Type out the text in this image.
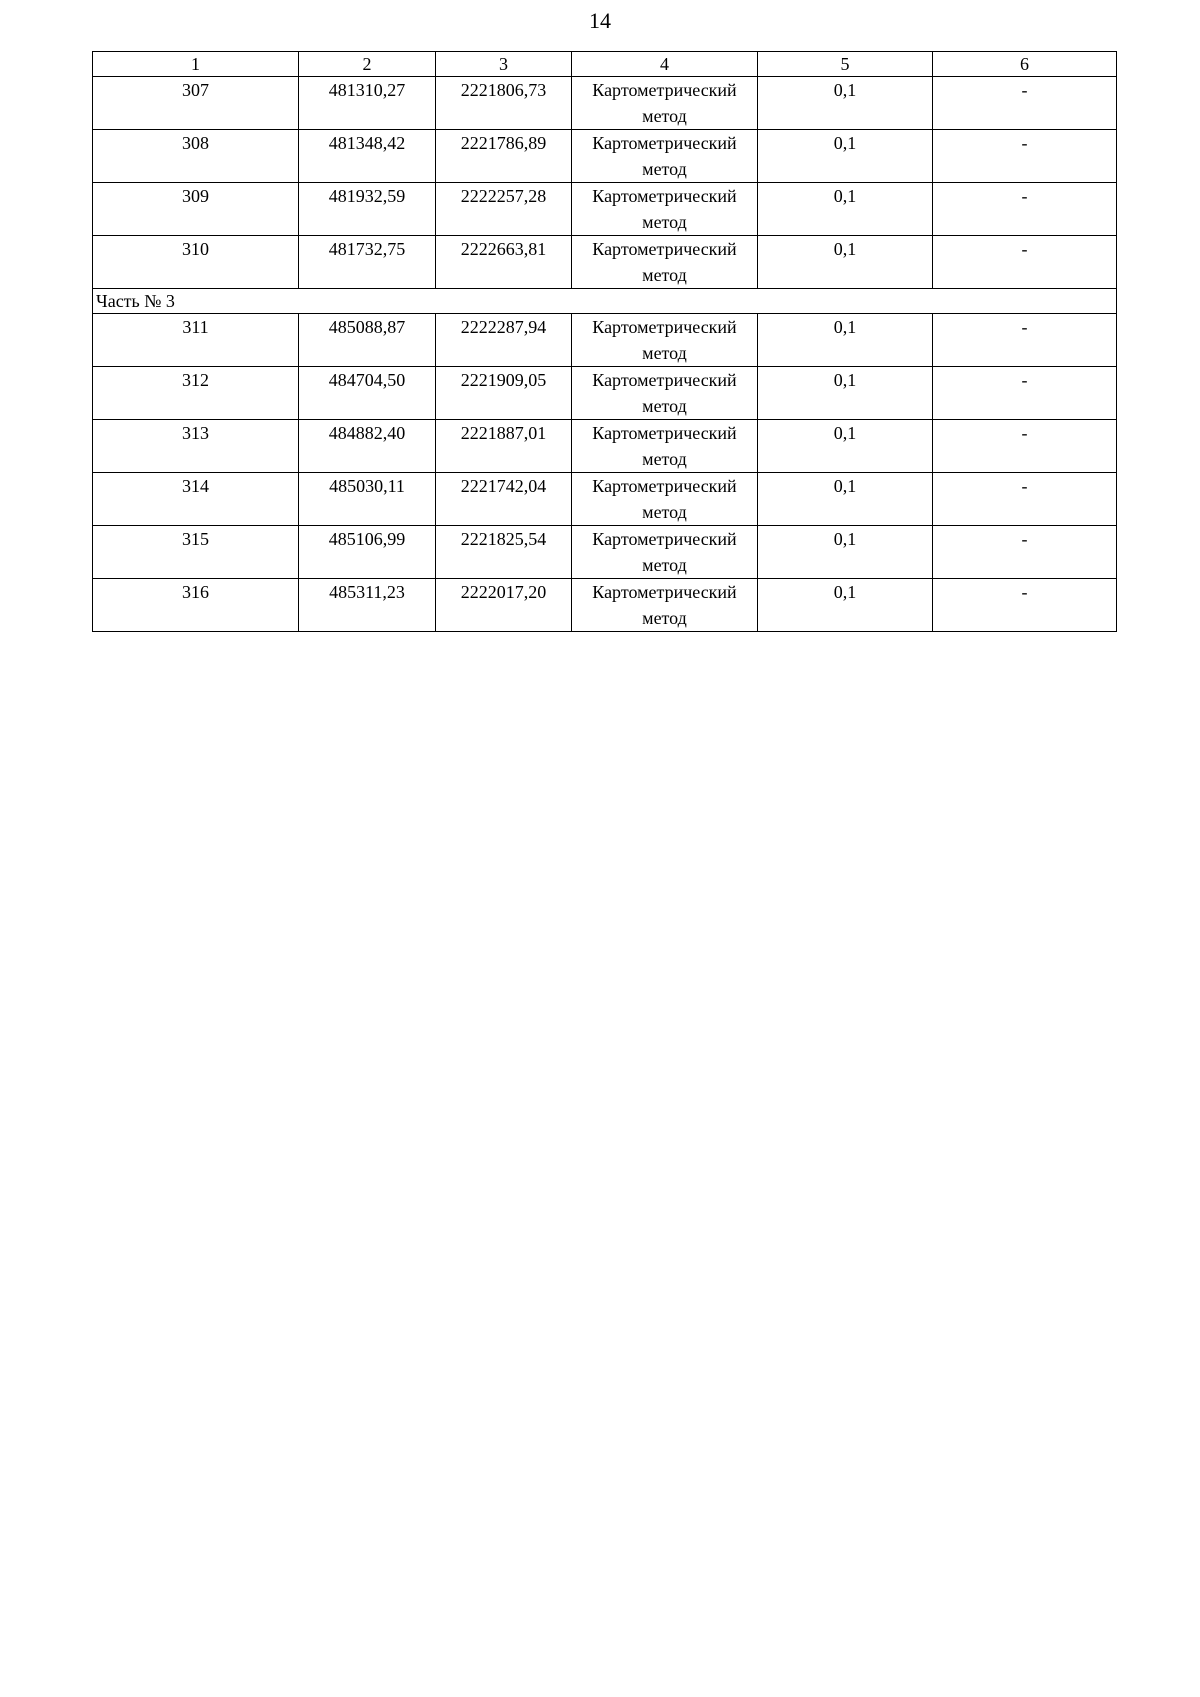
14
1	2	3	4	5	6
307	481310,27	2221806,73	Картометрический метод	0,1	-
308	481348,42	2221786,89	Картометрический метод	0,1	-
309	481932,59	2222257,28	Картометрический метод	0,1	-
310	481732,75	2222663,81	Картометрический метод	0,1	-
Часть № 3					
311	485088,87	2222287,94	Картометрический метод	0,1	-
312	484704,50	2221909,05	Картометрический метод	0,1	-
313	484882,40	2221887,01	Картометрический метод	0,1	-
314	485030,11	2221742,04	Картометрический метод	0,1	-
315	485106,99	2221825,54	Картометрический метод	0,1	-
316	485311,23	2222017,20	Картометрический метод	0,1	-
